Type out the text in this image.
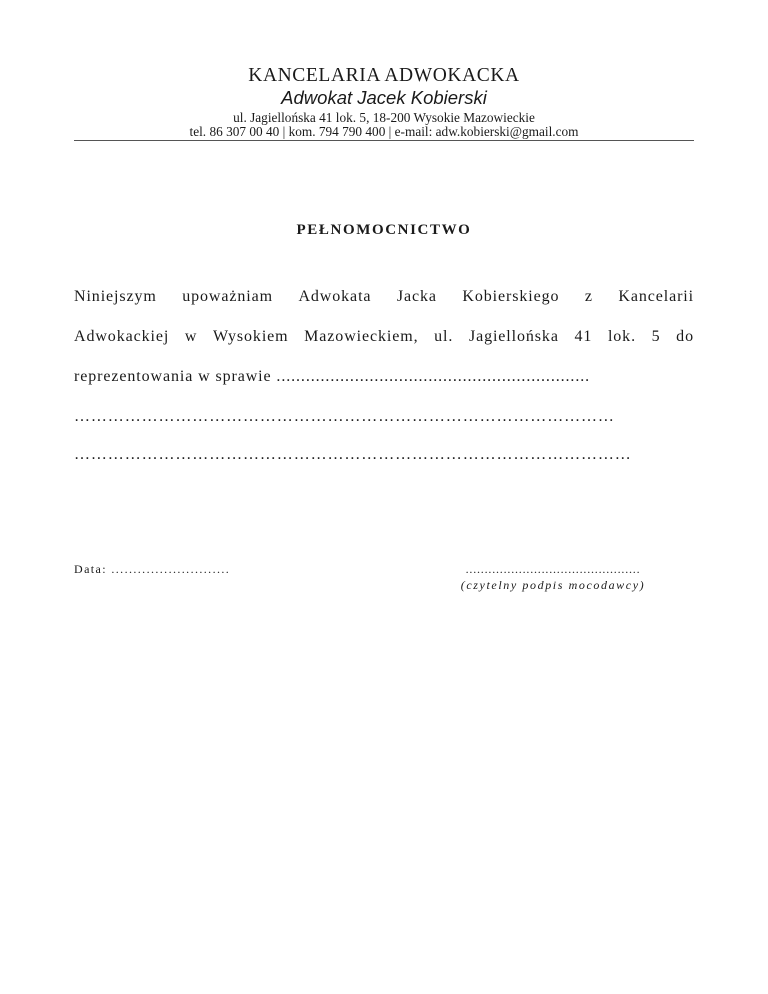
KANCELARIA ADWOKACKA
Adwokat Jacek Kobierski
ul. Jagiellońska 41 lok. 5, 18-200 Wysokie Mazowieckie
tel. 86 307 00 40 | kom. 794 790 400 | e-mail: adw.kobierski@gmail.com
PEŁNOMOCNICTWO
Niniejszym upoważniam Adwokata Jacka Kobierskiego z Kancelarii
Adwokackiej w Wysokiem Mazowieckiem, ul. Jagiellońska 41 lok. 5 do
reprezentowania w sprawie ................................................................
……………………………………………………………………………………
………………………………………………………………………………………
Data: ...........................	..............................................
(czytelny podpis mocodawcy)
